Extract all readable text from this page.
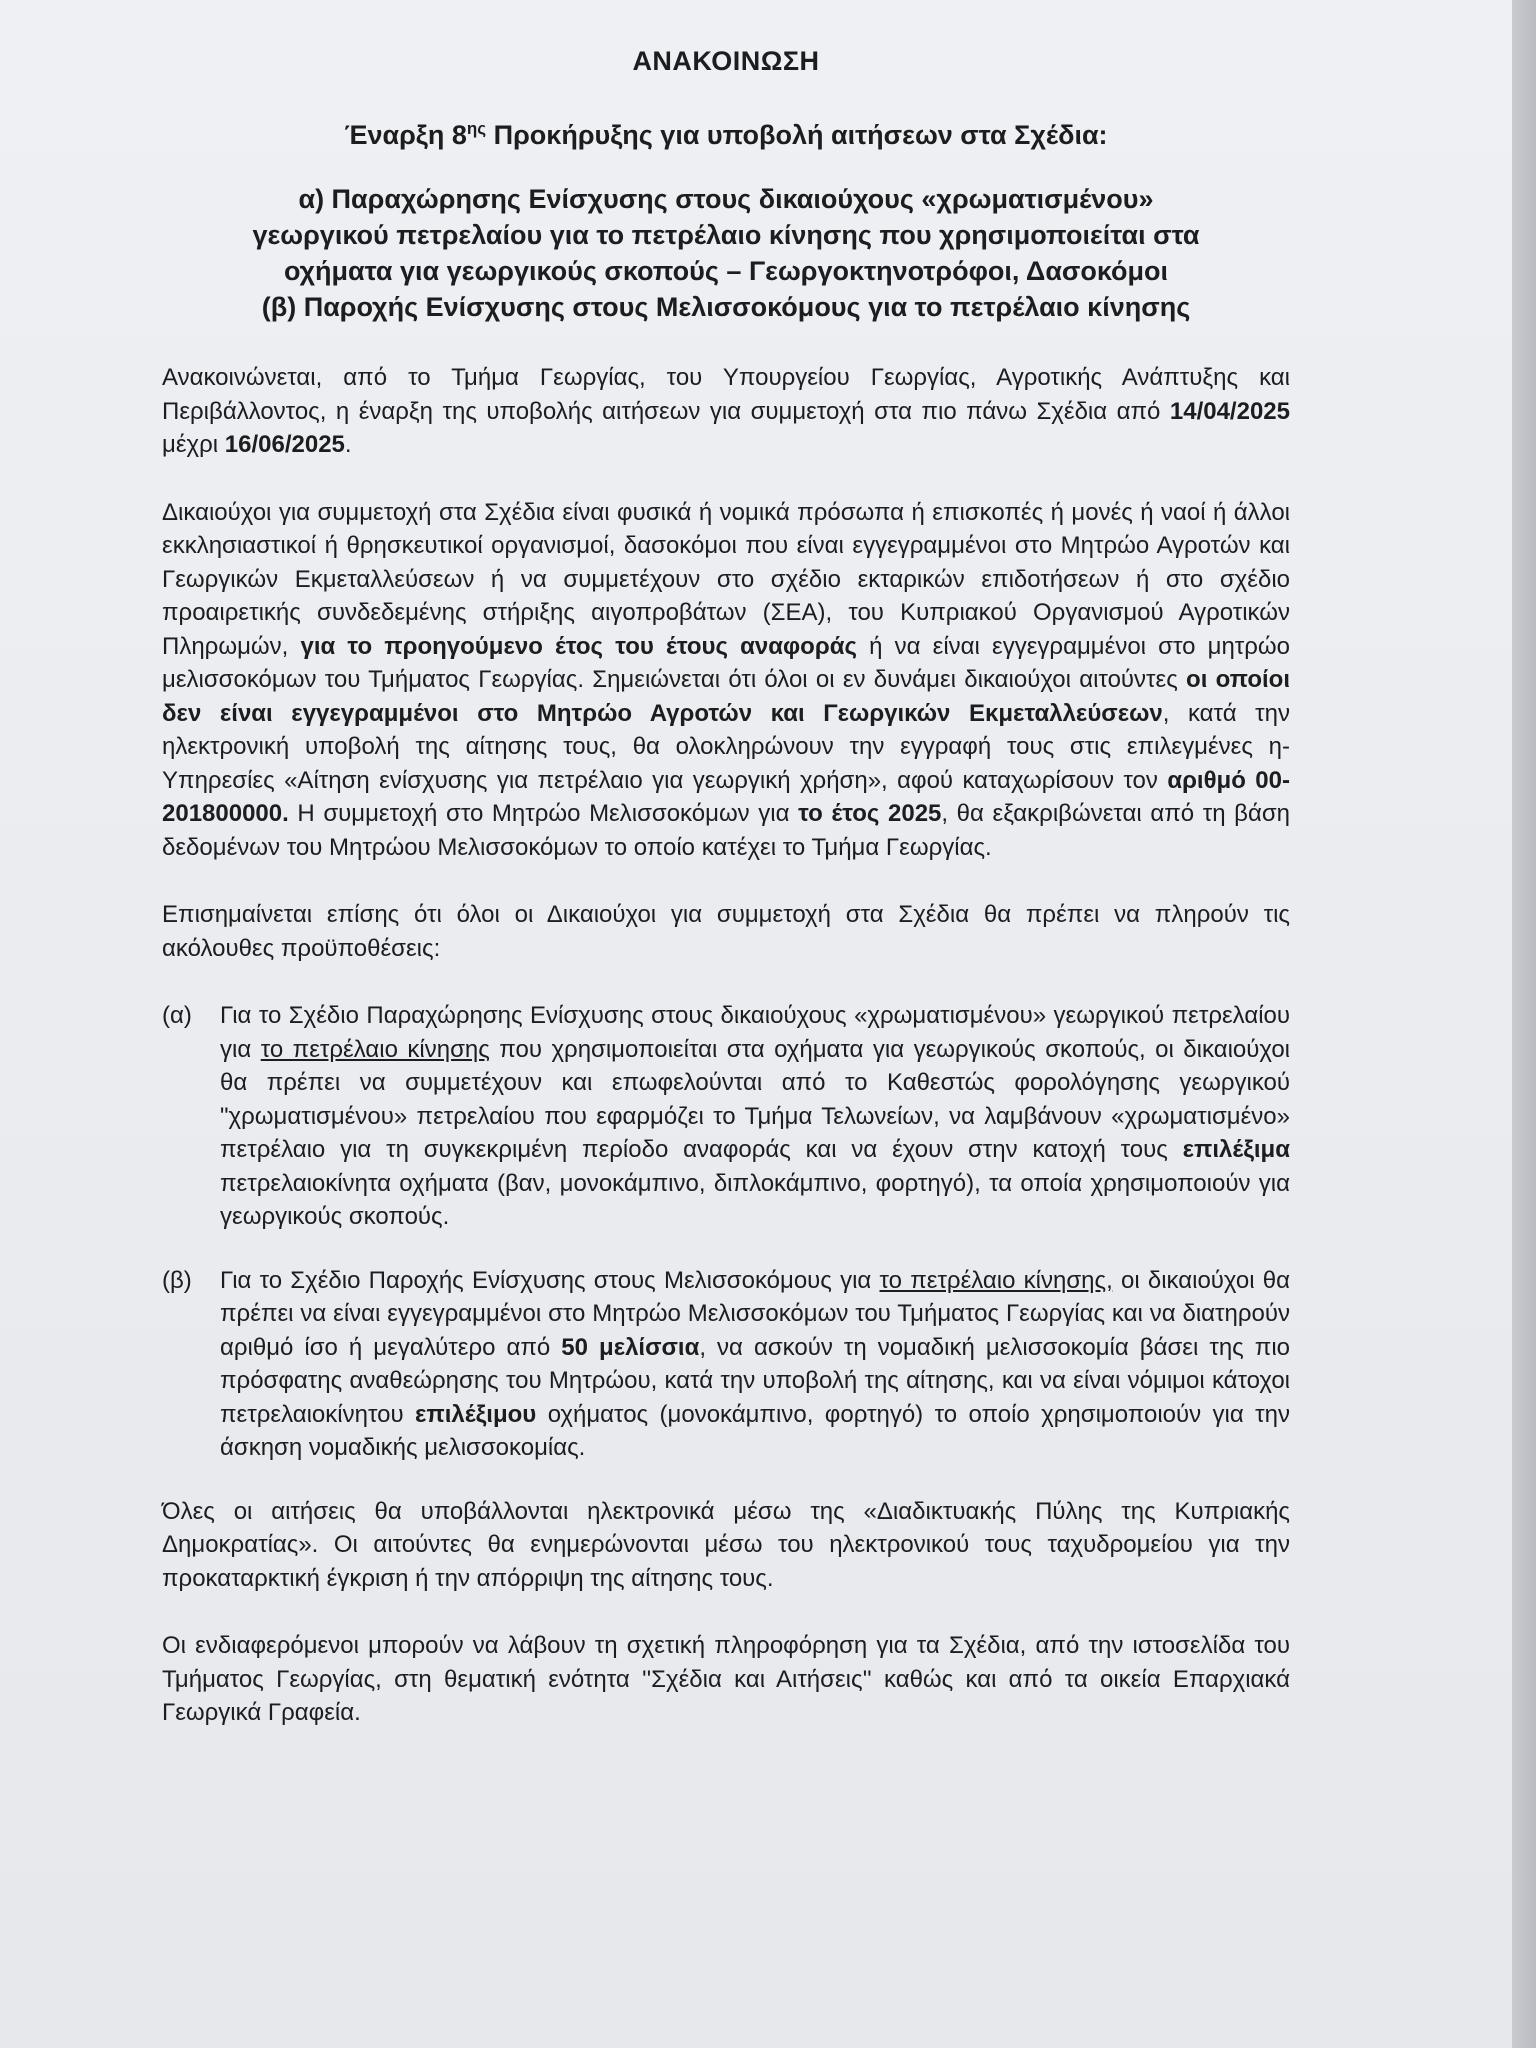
ΑΝΑΚΟΙΝΩΣΗ
Έναρξη $8^{\eta\varsigma}$ Προκήρυξης για υποβολή αιτήσεων στα Σχέδια:
α) Παραχώρησης Ενίσχυσης στους δικαιούχους «χρωματισμένου»
γεωργικού πετρελαίου για το πετρέλαιο κίνησης που χρησιμοποιείται στα
οχήματα για γεωργικούς σκοπούς – Γεωργοκτηνοτρόφοι, Δασοκόμοι
(β) Παροχής Ενίσχυσης στους Μελισσοκόμους για το πετρέλαιο κίνησης

Ανακοινώνεται, από το Τμήμα Γεωργίας, του Υπουργείου Γεωργίας, Αγροτικής Ανάπτυξης και Περιβάλλοντος, η έναρξη της υποβολής αιτήσεων για συμμετοχή στα πιο πάνω Σχέδια από 14/04/2025 μέχρι 16/06/2025.

Δικαιούχοι για συμμετοχή στα Σχέδια είναι φυσικά ή νομικά πρόσωπα ή επισκοπές ή μονές ή ναοί ή άλλοι εκκλησιαστικοί ή θρησκευτικοί οργανισμοί, δασοκόμοι που είναι εγγεγραμμένοι στο Μητρώο Αγροτών και Γεωργικών Εκμεταλλεύσεων ή να συμμετέχουν στο σχέδιο εκταρικών επιδοτήσεων ή στο σχέδιο προαιρετικής συνδεδεμένης στήριξης αιγοπροβάτων (ΣΕΑ), του Κυπριακού Οργανισμού Αγροτικών Πληρωμών, για το προηγούμενο έτος του έτους αναφοράς ή να είναι εγγεγραμμένοι στο μητρώο μελισσοκόμων του Τμήματος Γεωργίας. Σημειώνεται ότι όλοι οι εν δυνάμει δικαιούχοι αιτούντες οι οποίοι δεν είναι εγγεγραμμένοι στο Μητρώο Αγροτών και Γεωργικών Εκμεταλλεύσεων, κατά την ηλεκτρονική υποβολή της αίτησης τους, θα ολοκληρώνουν την εγγραφή τους στις επιλεγμένες η-Υπηρεσίες «Αίτηση ενίσχυσης για πετρέλαιο για γεωργική χρήση», αφού καταχωρίσουν τον αριθμό 00-201800000. Η συμμετοχή στο Μητρώο Μελισσοκόμων για το έτος 2025, θα εξακριβώνεται από τη βάση δεδομένων του Μητρώου Μελισσοκόμων το οποίο κατέχει το Τμήμα Γεωργίας.

Επισημαίνεται επίσης ότι όλοι οι Δικαιούχοι για συμμετοχή στα Σχέδια θα πρέπει να πληρούν τις ακόλουθες προϋποθέσεις:

(α)	Για το Σχέδιο Παραχώρησης Ενίσχυσης στους δικαιούχους «χρωματισμένου» γεωργικού πετρελαίου για το πετρέλαιο κίνησης που χρησιμοποιείται στα οχήματα για γεωργικούς σκοπούς, οι δικαιούχοι θα πρέπει να συμμετέχουν και επωφελούνται από το Καθεστώς φορολόγησης γεωργικού "χρωματισμένου» πετρελαίου που εφαρμόζει το Τμήμα Τελωνείων, να λαμβάνουν «χρωματισμένο» πετρέλαιο για τη συγκεκριμένη περίοδο αναφοράς και να έχουν στην κατοχή τους επιλέξιμα πετρελαιοκίνητα οχήματα (βαν, μονοκάμπινο, διπλοκάμπινο, φορτηγό), τα οποία χρησιμοποιούν για γεωργικούς σκοπούς.
(β)	Για το Σχέδιο Παροχής Ενίσχυσης στους Μελισσοκόμους για το πετρέλαιο κίνησης, οι δικαιούχοι θα πρέπει να είναι εγγεγραμμένοι στο Μητρώο Μελισσοκόμων του Τμήματος Γεωργίας και να διατηρούν αριθμό ίσο ή μεγαλύτερο από 50 μελίσσια, να ασκούν τη νομαδική μελισσοκομία βάσει της πιο πρόσφατης αναθεώρησης του Μητρώου, κατά την υποβολή της αίτησης, και να είναι νόμιμοι κάτοχοι πετρελαιοκίνητου επιλέξιμου οχήματος (μονοκάμπινο, φορτηγό) το οποίο χρησιμοποιούν για την άσκηση νομαδικής μελισσοκομίας.

Όλες οι αιτήσεις θα υποβάλλονται ηλεκτρονικά μέσω της «Διαδικτυακής Πύλης της Κυπριακής Δημοκρατίας». Οι αιτούντες θα ενημερώνονται μέσω του ηλεκτρονικού τους ταχυδρομείου για την προκαταρκτική έγκριση ή την απόρριψη της αίτησης τους.

Οι ενδιαφερόμενοι μπορούν να λάβουν τη σχετική πληροφόρηση για τα Σχέδια, από την ιστοσελίδα του Τμήματος Γεωργίας, στη θεματική ενότητα ''Σχέδια και Αιτήσεις'' καθώς και από τα οικεία Επαρχιακά Γεωργικά Γραφεία.
